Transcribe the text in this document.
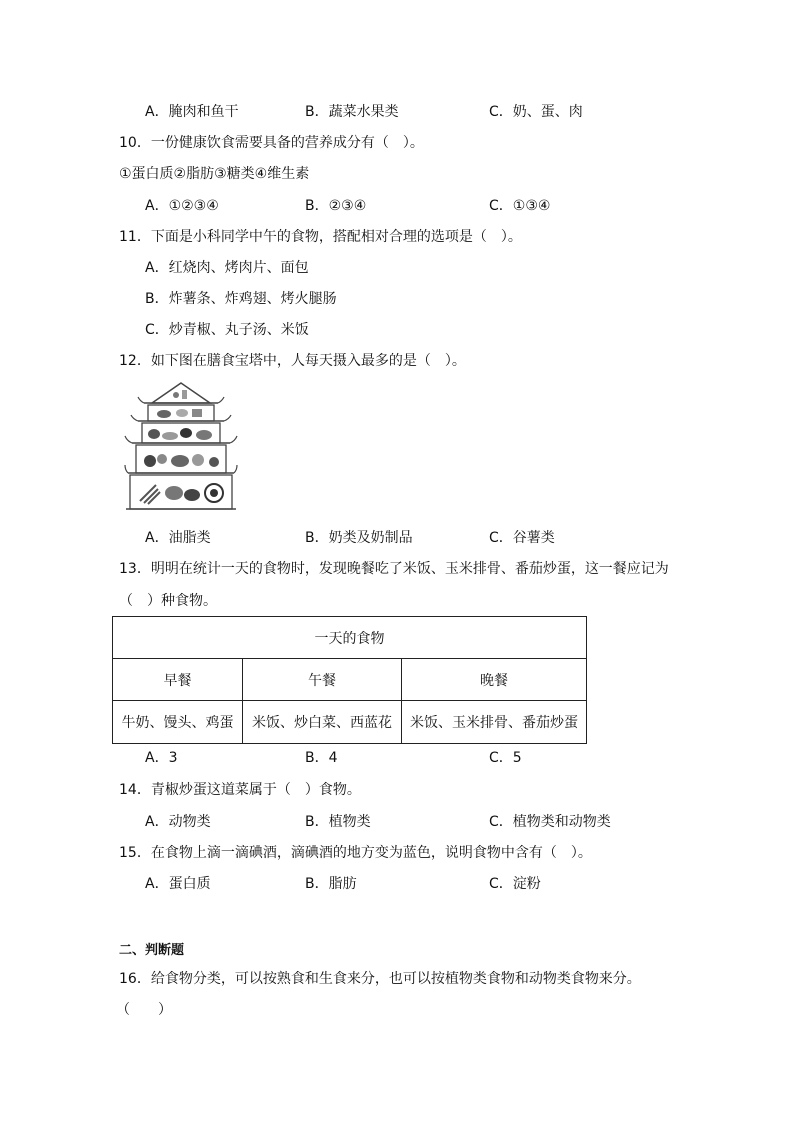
A．腌肉和鱼干	B．蔬菜水果类	C．奶、蛋、肉
10．一份健康饮食需要具备的营养成分有（　）。
①蛋白质②脂肪③糖类④维生素
A．①②③④	B．②③④	C．①③④
11．下面是小科同学中午的食物，搭配相对合理的选项是（　）。
A．红烧肉、烤肉片、面包
B．炸薯条、炸鸡翅、烤火腿肠
C．炒青椒、丸子汤、米饭
12．如下图在膳食宝塔中，人每天摄入最多的是（　）。
A．油脂类	B．奶类及奶制品	C．谷薯类
13．明明在统计一天的食物时，发现晚餐吃了米饭、玉米排骨、番茄炒蛋，这一餐应记为
（　）种食物。
一天的食物		
早餐	午餐	晚餐
牛奶、馒头、鸡蛋	米饭、炒白菜、西蓝花	米饭、玉米排骨、番茄炒蛋
A．3	B．4	C．5
14．青椒炒蛋这道菜属于（　）食物。
A．动物类	B．植物类	C．植物类和动物类
15．在食物上滴一滴碘酒，滴碘酒的地方变为蓝色，说明食物中含有（　）。
A．蛋白质	B．脂肪	C．淀粉
二、判断题
16．给食物分类，可以按熟食和生食来分，也可以按植物类食物和动物类食物来分。
（　　）
